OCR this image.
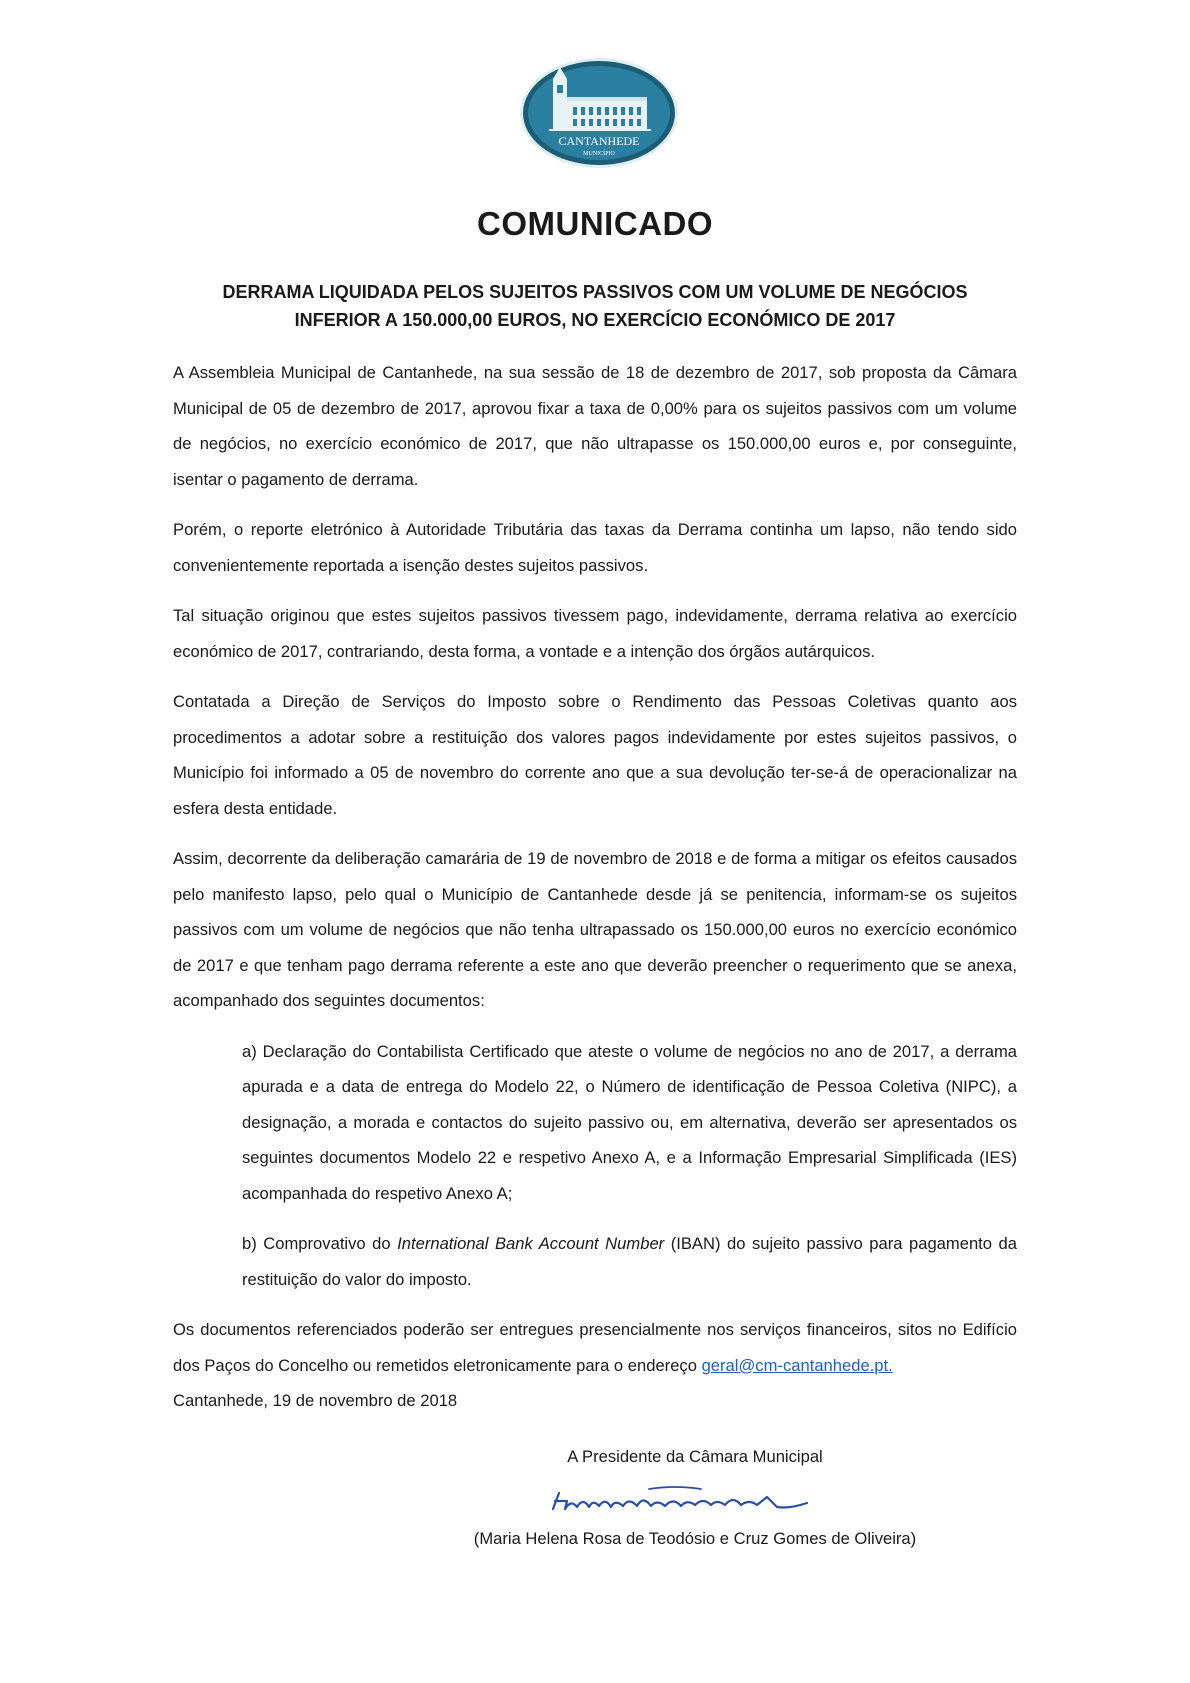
CANTANHEDE
MUNICÍPIO
COMUNICADO
DERRAMA LIQUIDADA PELOS SUJEITOS PASSIVOS COM UM VOLUME DE NEGÓCIOS
INFERIOR A 150.000,00 EUROS, NO EXERCÍCIO ECONÓMICO DE 2017

A Assembleia Municipal de Cantanhede, na sua sessão de 18 de dezembro de 2017, sob proposta da Câmara Municipal de 05 de dezembro de 2017, aprovou fixar a taxa de 0,00% para os sujeitos passivos com um volume de negócios, no exercício económico de 2017, que não ultrapasse os 150.000,00 euros e, por conseguinte, isentar o pagamento de derrama.

Porém, o reporte eletrónico à Autoridade Tributária das taxas da Derrama continha um lapso, não tendo sido convenientemente reportada a isenção destes sujeitos passivos.

Tal situação originou que estes sujeitos passivos tivessem pago, indevidamente, derrama relativa ao exercício económico de 2017, contrariando, desta forma, a vontade e a intenção dos órgãos autárquicos.

Contatada a Direção de Serviços do Imposto sobre o Rendimento das Pessoas Coletivas quanto aos procedimentos a adotar sobre a restituição dos valores pagos indevidamente por estes sujeitos passivos, o Município foi informado a 05 de novembro do corrente ano que a sua devolução ter-se-á de operacionalizar na esfera desta entidade.

Assim, decorrente da deliberação camarária de 19 de novembro de 2018 e de forma a mitigar os efeitos causados pelo manifesto lapso, pelo qual o Município de Cantanhede desde já se penitencia, informam-se os sujeitos passivos com um volume de negócios que não tenha ultrapassado os 150.000,00 euros no exercício económico de 2017 e que tenham pago derrama referente a este ano que deverão preencher o requerimento que se anexa, acompanhado dos seguintes documentos:

a) Declaração do Contabilista Certificado que ateste o volume de negócios no ano de 2017, a derrama apurada e a data de entrega do Modelo 22, o Número de identificação de Pessoa Coletiva (NIPC), a designação, a morada e contactos do sujeito passivo ou, em alternativa, deverão ser apresentados os seguintes documentos Modelo 22 e respetivo Anexo A, e a Informação Empresarial Simplificada (IES) acompanhada do respetivo Anexo A;

b) Comprovativo do International Bank Account Number (IBAN) do sujeito passivo para pagamento da restituição do valor do imposto.

Os documentos referenciados poderão ser entregues presencialmente nos serviços financeiros, sitos no Edifício dos Paços do Concelho ou remetidos eletronicamente para o endereço geral@cm-cantanhede.pt.

Cantanhede, 19 de novembro de 2018

A Presidente da Câmara Municipal
(Maria Helena Rosa de Teodósio e Cruz Gomes de Oliveira)
